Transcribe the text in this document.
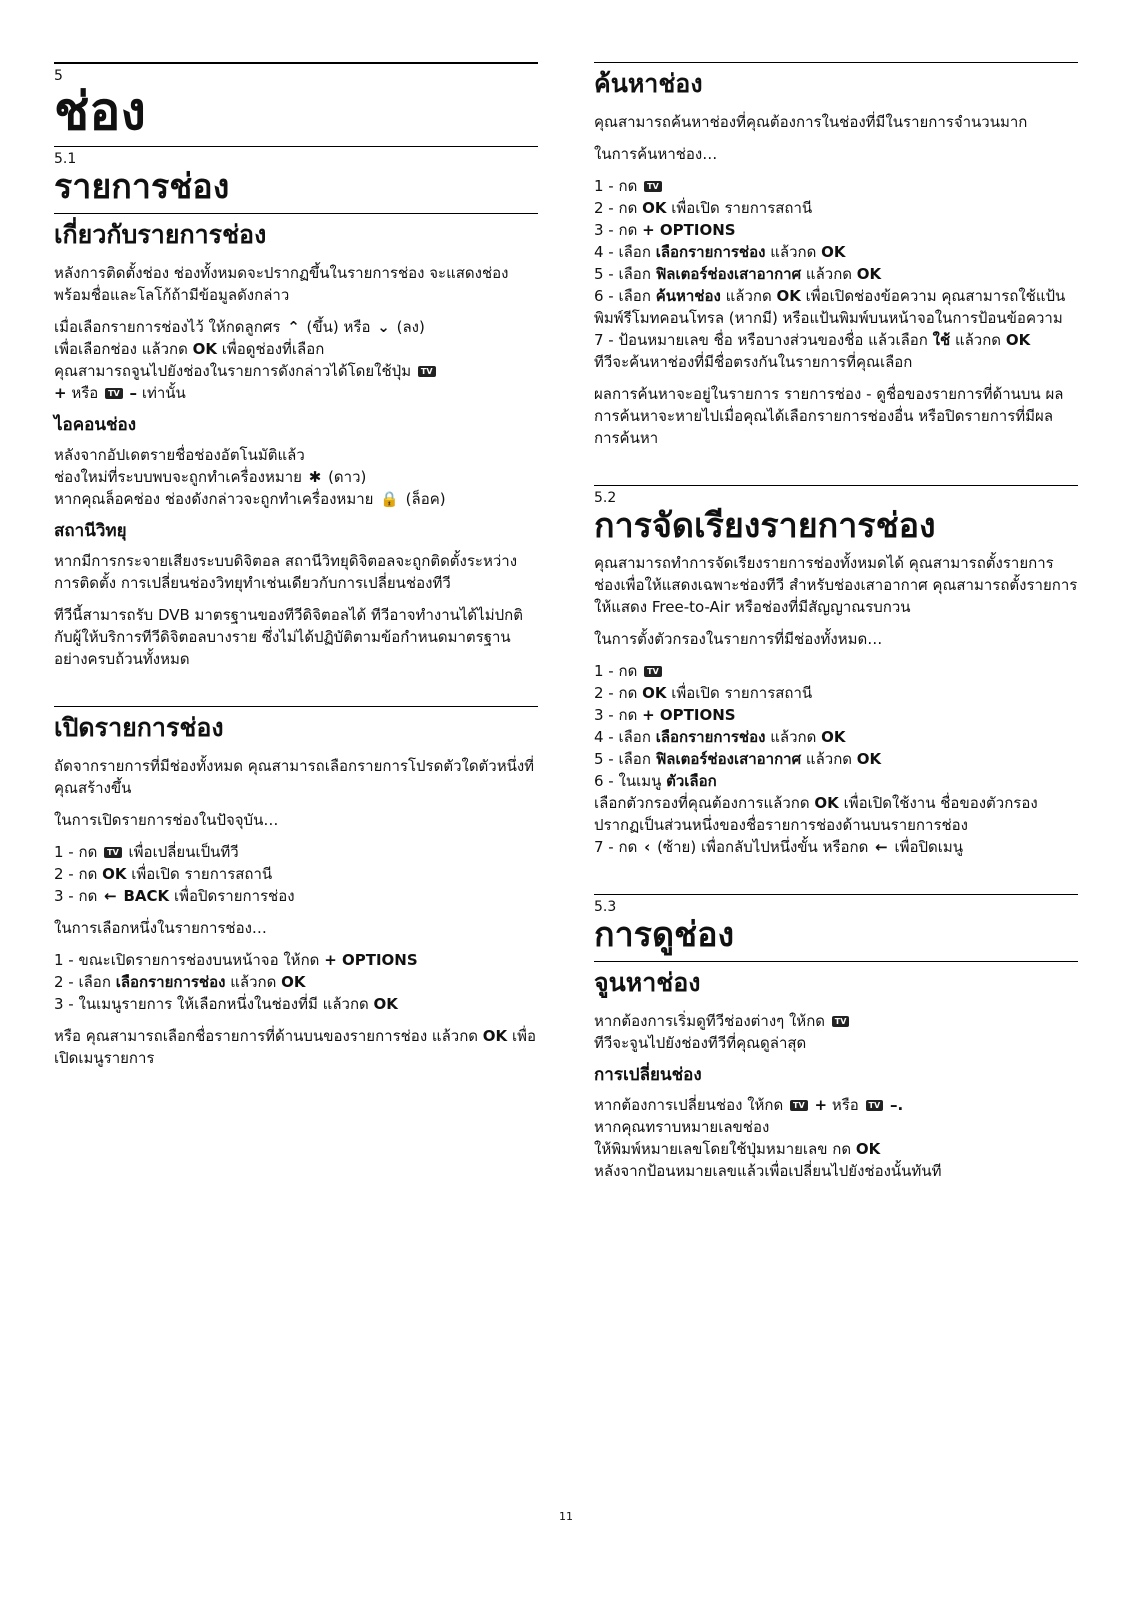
5
ช่อง
5.1
รายการช่อง
เกี่ยวกับรายการช่อง

หลังการติดตั้งช่อง ช่องทั้งหมดจะปรากฏขึ้นในรายการช่อง จะแสดงช่องพร้อมชื่อและโลโก้ถ้ามีข้อมูลดังกล่าว

เมื่อเลือกรายการช่องไว้ ให้กดลูกศร ⌃ (ขึ้น) หรือ ⌄ (ลง)
เพื่อเลือกช่อง แล้วกด OK เพื่อดูช่องที่เลือก
คุณสามารถจูนไปยังช่องในรายการดังกล่าวได้โดยใช้ปุ่ม TV
+ หรือ TV – เท่านั้น

ไอคอนช่อง

หลังจากอัปเดตรายชื่อช่องอัตโนมัติแล้ว
ช่องใหม่ที่ระบบพบจะถูกทำเครื่องหมาย ✱ (ดาว)
หากคุณล็อคช่อง ช่องดังกล่าวจะถูกทำเครื่องหมาย 🔒 (ล็อค)

สถานีวิทยุ

หากมีการกระจายเสียงระบบดิจิตอล สถานีวิทยุดิจิตอลจะถูกติดตั้งระหว่างการติดตั้ง การเปลี่ยนช่องวิทยุทำเช่นเดียวกับการเปลี่ยนช่องทีวี

ทีวีนี้สามารถรับ DVB มาตรฐานของทีวีดิจิตอลได้ ทีวีอาจทำงานได้ไม่ปกติกับผู้ให้บริการทีวีดิจิตอลบางราย ซึ่งไม่ได้ปฏิบัติตามข้อกำหนดมาตรฐานอย่างครบถ้วนทั้งหมด

เปิดรายการช่อง

ถัดจากรายการที่มีช่องทั้งหมด คุณสามารถเลือกรายการโปรดตัวใดตัวหนึ่งที่คุณสร้างขึ้น

ในการเปิดรายการช่องในปัจจุบัน…

1 - กด TV เพื่อเปลี่ยนเป็นทีวี
2 - กด OK เพื่อเปิด รายการสถานี
3 - กด ← BACK เพื่อปิดรายการช่อง

ในการเลือกหนึ่งในรายการช่อง…

1 - ขณะเปิดรายการช่องบนหน้าจอ ให้กด + OPTIONS
2 - เลือก เลือกรายการช่อง แล้วกด OK
3 - ในเมนูรายการ ให้เลือกหนึ่งในช่องที่มี แล้วกด OK

หรือ คุณสามารถเลือกชื่อรายการที่ด้านบนของรายการช่อง แล้วกด OK เพื่อเปิดเมนูรายการ

ค้นหาช่อง

คุณสามารถค้นหาช่องที่คุณต้องการในช่องที่มีในรายการจำนวนมาก

ในการค้นหาช่อง…

1 - กด TV
2 - กด OK เพื่อเปิด รายการสถานี
3 - กด + OPTIONS
4 - เลือก เลือกรายการช่อง แล้วกด OK
5 - เลือก ฟิลเตอร์ช่องเสาอากาศ แล้วกด OK
6 - เลือก ค้นหาช่อง แล้วกด OK เพื่อเปิดช่องข้อความ คุณสามารถใช้แป้นพิมพ์รีโมทคอนโทรล (หากมี) หรือแป้นพิมพ์บนหน้าจอในการป้อนข้อความ
7 - ป้อนหมายเลข ชื่อ หรือบางส่วนของชื่อ แล้วเลือก ใช้ แล้วกด OK
ทีวีจะค้นหาช่องที่มีชื่อตรงกันในรายการที่คุณเลือก

ผลการค้นหาจะอยู่ในรายการ รายการช่อง - ดูชื่อของรายการที่ด้านบน ผลการค้นหาจะหายไปเมื่อคุณได้เลือกรายการช่องอื่น หรือปิดรายการที่มีผลการค้นหา

5.2
การจัดเรียงรายการช่อง

คุณสามารถทำการจัดเรียงรายการช่องทั้งหมดได้ คุณสามารถตั้งรายการช่องเพื่อให้แสดงเฉพาะช่องทีวี สำหรับช่องเสาอากาศ คุณสามารถตั้งรายการให้แสดง Free-to-Air หรือช่องที่มีสัญญาณรบกวน

ในการตั้งตัวกรองในรายการที่มีช่องทั้งหมด…

1 - กด TV
2 - กด OK เพื่อเปิด รายการสถานี
3 - กด + OPTIONS
4 - เลือก เลือกรายการช่อง แล้วกด OK
5 - เลือก ฟิลเตอร์ช่องเสาอากาศ แล้วกด OK
6 - ในเมนู ตัวเลือก
เลือกตัวกรองที่คุณต้องการแล้วกด OK เพื่อเปิดใช้งาน ชื่อของตัวกรองปรากฏเป็นส่วนหนึ่งของชื่อรายการช่องด้านบนรายการช่อง
7 - กด ‹ (ซ้าย) เพื่อกลับไปหนึ่งขั้น หรือกด ← เพื่อปิดเมนู
5.3
การดูช่อง
จูนหาช่อง

หากต้องการเริ่มดูทีวีช่องต่างๆ ให้กด TV
ทีวีจะจูนไปยังช่องทีวีที่คุณดูล่าสุด

การเปลี่ยนช่อง

หากต้องการเปลี่ยนช่อง ให้กด TV + หรือ TV –.
หากคุณทราบหมายเลขช่อง
ให้พิมพ์หมายเลขโดยใช้ปุ่มหมายเลข กด OK
หลังจากป้อนหมายเลขแล้วเพื่อเปลี่ยนไปยังช่องนั้นทันที

11
